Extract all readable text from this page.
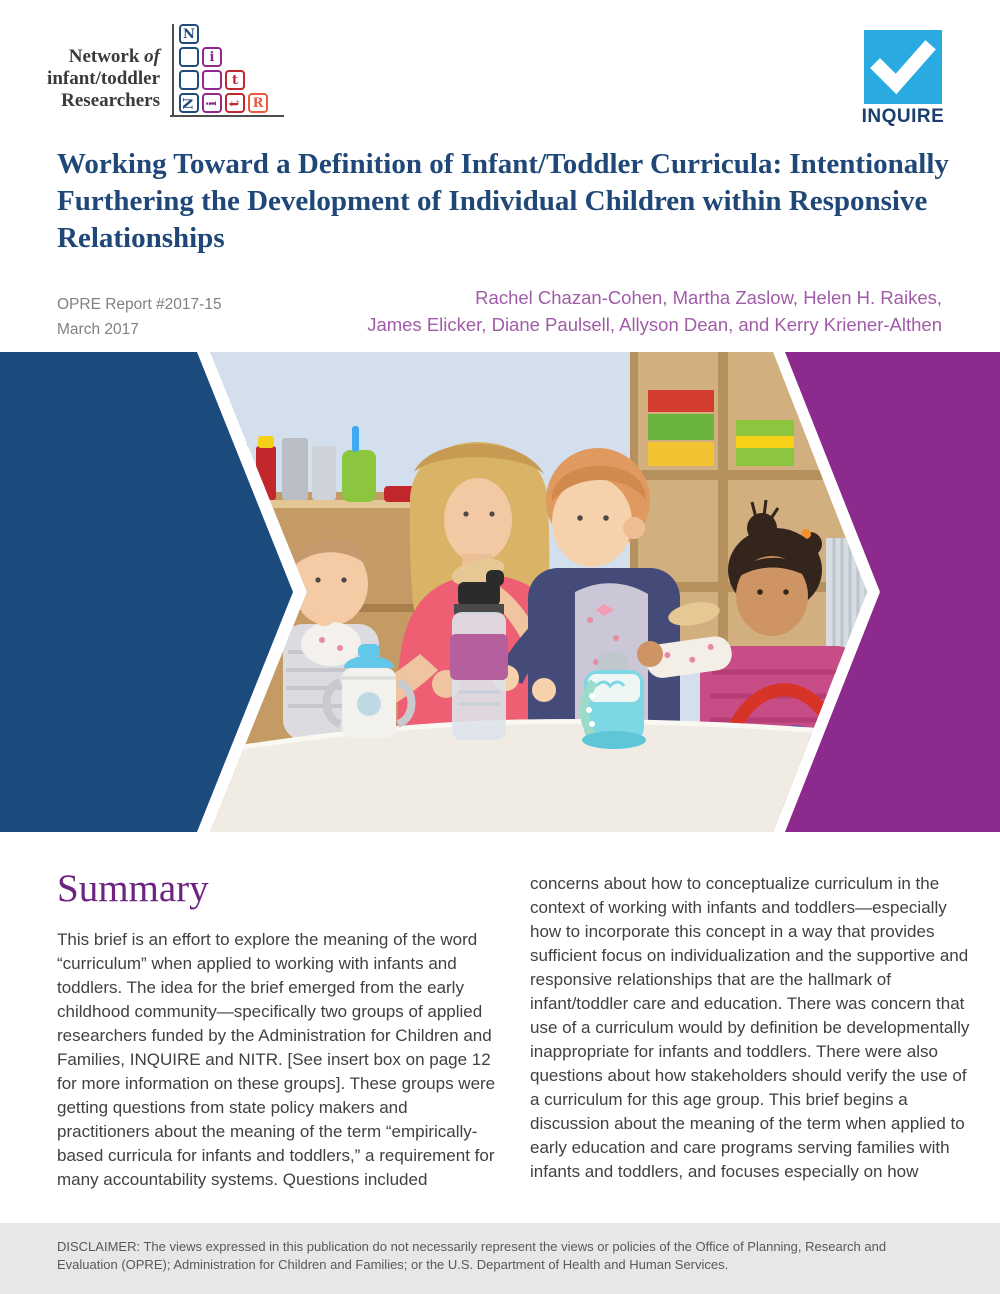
Network of
infant/toddler
Researchers
N
i
t
N i t R
INQUIRE
Working Toward a Definition of Infant/Toddler Curricula: Intentionally Furthering the Development of Individual Children within Responsive Relationships
OPRE Report #2017-15
March 2017
Rachel Chazan-Cohen, Martha Zaslow, Helen H. Raikes,
James Elicker, Diane Paulsell, Allyson Dean, and Kerry Kriener-Althen
Summary
This brief is an effort to explore the meaning of the word “curriculum” when applied to working with infants and toddlers. The idea for the brief emerged from the early childhood community—specifically two groups of applied researchers funded by the Administration for Children and Families, INQUIRE and NITR. [See insert box on page 12 for more information on these groups]. These groups were getting questions from state policy makers and practitioners about the meaning of the term “empirically-based curricula for infants and toddlers,” a requirement for many accountability systems. Questions included
concerns about how to conceptualize curriculum in the context of working with infants and toddlers—especially how to incorporate this concept in a way that provides sufficient focus on individualization and the supportive and responsive relationships that are the hallmark of infant/toddler care and education. There was concern that use of a curriculum would by definition be developmentally inappropriate for infants and toddlers. There were also questions about how stakeholders should verify the use of a curriculum for this age group. This brief begins a discussion about the meaning of the term when applied to early education and care programs serving families with infants and toddlers, and focuses especially on how
DISCLAIMER: The views expressed in this publication do not necessarily represent the views or policies of the Office of Planning, Research and Evaluation (OPRE); Administration for Children and Families; or the U.S. Department of Health and Human Services.
